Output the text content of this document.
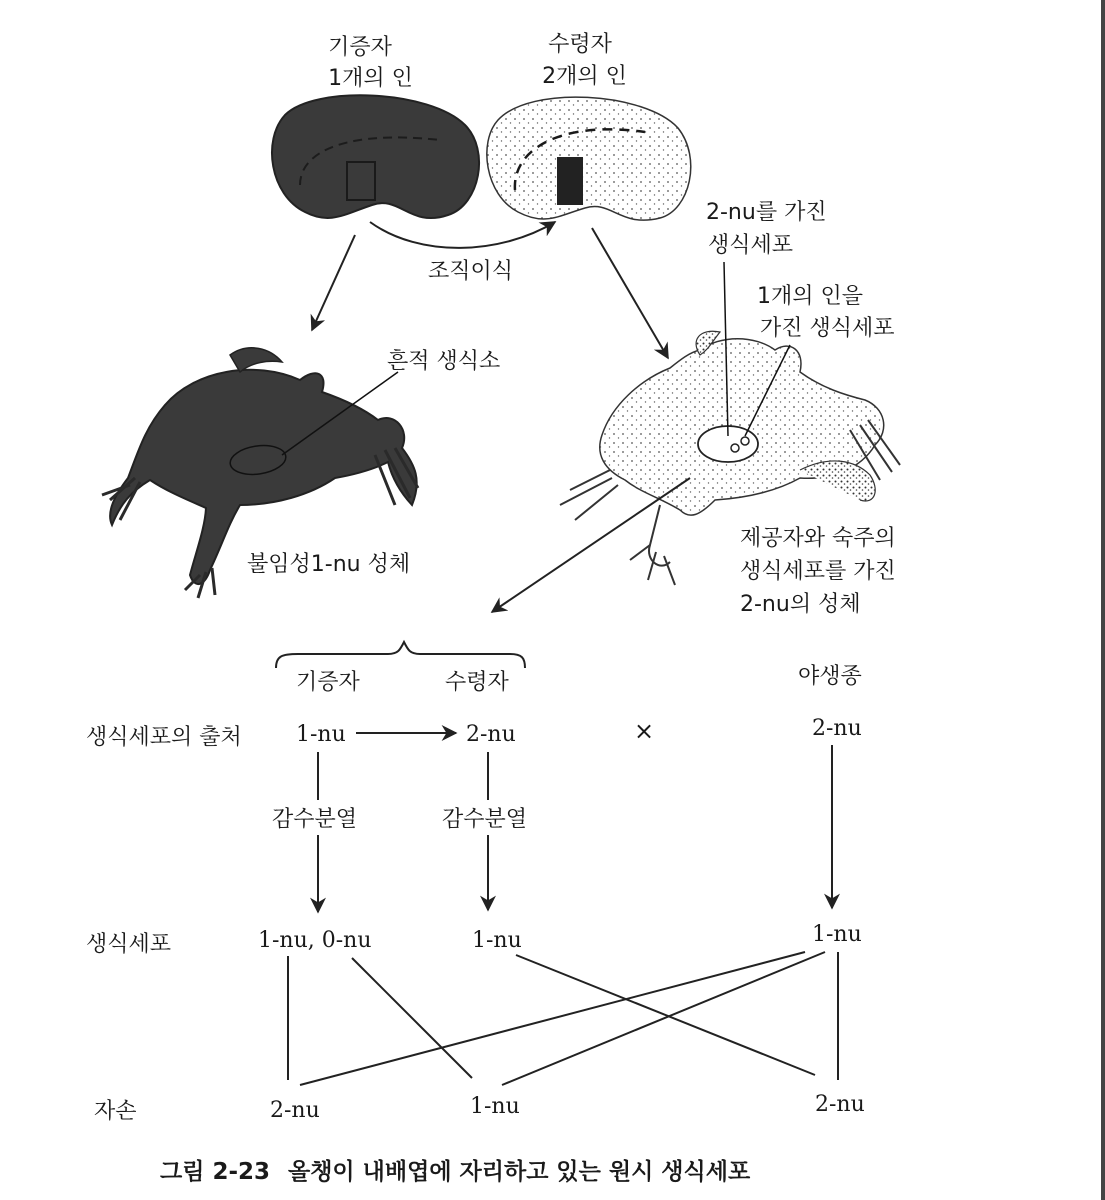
기증자
1개의 인
수령자
2개의 인
조직이식
흔적 생식소
불임성1-nu 성체
2-nu를 가진
생식세포
1개의 인을
가진 생식세포
제공자와 숙주의
생식세포를 가진
2-nu의 성체
기증자	수령자	야생종
생식세포의 출처 1-nu	2-nu	×	2-nu
감수분열	감수분열
생식세포	1-nu, 0-nu	1-nu	1-nu
자손	2-nu	1-nu	2-nu
그림 2-23 올챙이 내배엽에 자리하고 있는 원시 생식세포
